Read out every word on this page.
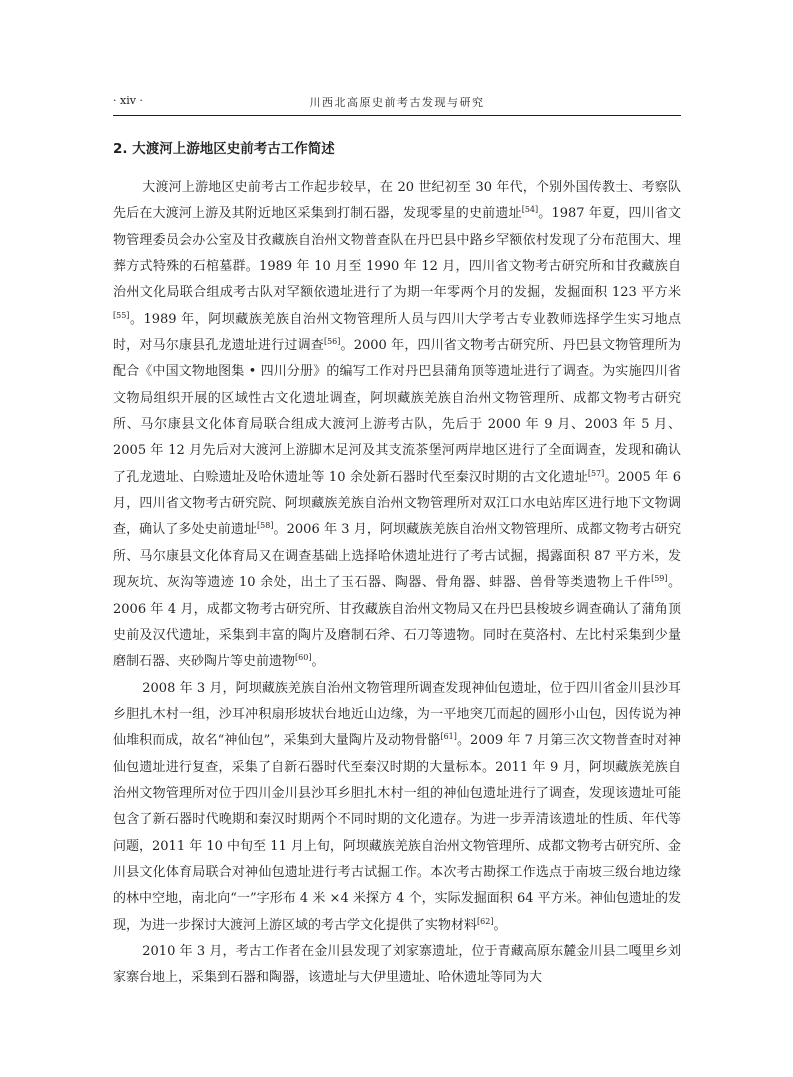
· xiv ·	川西北高原史前考古发现与研究
2. 大渡河上游地区史前考古工作简述

大渡河上游地区史前考古工作起步较早，在 20 世纪初至 30 年代，个别外国传教士、考察队先后在大渡河上游及其附近地区采集到打制石器，发现零星的史前遗址[54]。1987 年夏，四川省文物管理委员会办公室及甘孜藏族自治州文物普查队在丹巴县中路乡罕额依村发现了分布范围大、埋葬方式特殊的石棺墓群。1989 年 10 月至 1990 年 12 月，四川省文物考古研究所和甘孜藏族自治州文化局联合组成考古队对罕额依遗址进行了为期一年零两个月的发掘，发掘面积 123 平方米[55]。1989 年，阿坝藏族羌族自治州文物管理所人员与四川大学考古专业教师选择学生实习地点时，对马尔康县孔龙遗址进行过调查[56]。2000 年，四川省文物考古研究所、丹巴县文物管理所为配合《中国文物地图集 • 四川分册》的编写工作对丹巴县蒲角顶等遗址进行了调查。为实施四川省文物局组织开展的区域性古文化遗址调查，阿坝藏族羌族自治州文物管理所、成都文物考古研究所、马尔康县文化体育局联合组成大渡河上游考古队，先后于 2000 年 9 月、2003 年 5 月、2005 年 12 月先后对大渡河上游脚木足河及其支流茶堡河两岸地区进行了全面调查，发现和确认了孔龙遗址、白赊遗址及哈休遗址等 10 余处新石器时代至秦汉时期的古文化遗址[57]。2005 年 6 月，四川省文物考古研究院、阿坝藏族羌族自治州文物管理所对双江口水电站库区进行地下文物调查，确认了多处史前遗址[58]。2006 年 3 月，阿坝藏族羌族自治州文物管理所、成都文物考古研究所、马尔康县文化体育局又在调查基础上选择哈休遗址进行了考古试掘，揭露面积 87 平方米，发现灰坑、灰沟等遗迹 10 余处，出土了玉石器、陶器、骨角器、蚌器、兽骨等类遗物上千件[59]。2006 年 4 月，成都文物考古研究所、甘孜藏族自治州文物局又在丹巴县梭坡乡调查确认了蒲角顶史前及汉代遗址，采集到丰富的陶片及磨制石斧、石刀等遗物。同时在莫洛村、左比村采集到少量磨制石器、夹砂陶片等史前遗物[60]。

2008 年 3 月，阿坝藏族羌族自治州文物管理所调查发现神仙包遗址，位于四川省金川县沙耳乡胆扎木村一组，沙耳冲积扇形坡状台地近山边缘，为一平地突兀而起的圆形小山包，因传说为神仙堆积而成，故名“神仙包”，采集到大量陶片及动物骨骼[61]。2009 年 7 月第三次文物普查时对神仙包遗址进行复查，采集了自新石器时代至秦汉时期的大量标本。2011 年 9 月，阿坝藏族羌族自治州文物管理所对位于四川金川县沙耳乡胆扎木村一组的神仙包遗址进行了调查，发现该遗址可能包含了新石器时代晚期和秦汉时期两个不同时期的文化遗存。为进一步弄清该遗址的性质、年代等问题，2011 年 10 中旬至 11 月上旬，阿坝藏族羌族自治州文物管理所、成都文物考古研究所、金川县文化体育局联合对神仙包遗址进行考古试掘工作。本次考古勘探工作选点于南坡三级台地边缘的林中空地，南北向“一”字形布 4 米 ×4 米探方 4 个，实际发掘面积 64 平方米。神仙包遗址的发现，为进一步探讨大渡河上游区域的考古学文化提供了实物材料[62]。

2010 年 3 月，考古工作者在金川县发现了刘家寨遗址，位于青藏高原东麓金川县二嘎里乡刘家寨台地上，采集到石器和陶器，该遗址与大伊里遗址、哈休遗址等同为大
